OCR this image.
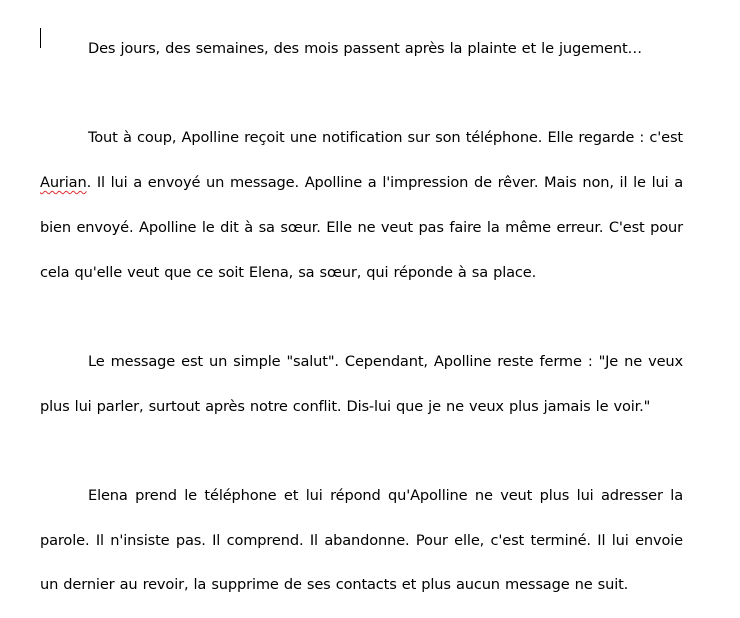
Des jours, des semaines, des mois passent après la plainte et le jugement…

Tout à coup, Apolline reçoit une notification sur son téléphone. Elle regarde : c'est Aurian. Il lui a envoyé un message. Apolline a l'impression de rêver. Mais non, il le lui a bien envoyé. Apolline le dit à sa sœur. Elle ne veut pas faire la même erreur. C'est pour cela qu'elle veut que ce soit Elena, sa sœur, qui réponde à sa place.

Le message est un simple "salut". Cependant, Apolline reste ferme : "Je ne veux plus lui parler, surtout après notre conflit. Dis-lui que je ne veux plus jamais le voir."

Elena prend le téléphone et lui répond qu'Apolline ne veut plus lui adresser la parole. Il n'insiste pas. Il comprend. Il abandonne. Pour elle, c'est terminé. Il lui envoie un dernier au revoir, la supprime de ses contacts et plus aucun message ne suit.
